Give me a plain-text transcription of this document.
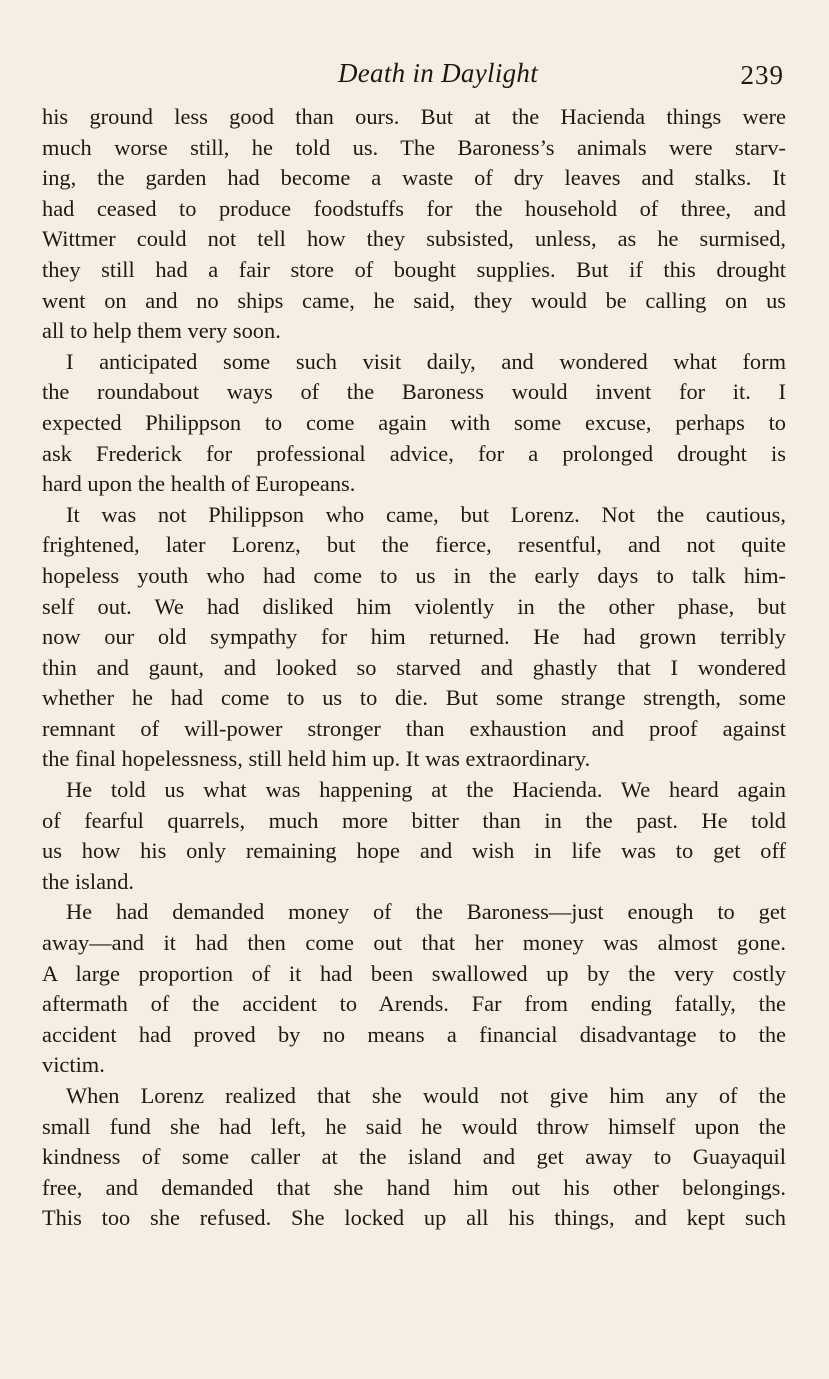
Death in Daylight	239
his ground less good than ours. But at the Hacienda things were
much worse still, he told us. The Baroness’s animals were starv-
ing, the garden had become a waste of dry leaves and stalks. It
had ceased to produce foodstuffs for the household of three, and
Wittmer could not tell how they subsisted, unless, as he surmised,
they still had a fair store of bought supplies. But if this drought
went on and no ships came, he said, they would be calling on us
all to help them very soon.
I anticipated some such visit daily, and wondered what form
the roundabout ways of the Baroness would invent for it. I
expected Philippson to come again with some excuse, perhaps to
ask Frederick for professional advice, for a prolonged drought is
hard upon the health of Europeans.
It was not Philippson who came, but Lorenz. Not the cautious,
frightened, later Lorenz, but the fierce, resentful, and not quite
hopeless youth who had come to us in the early days to talk him-
self out. We had disliked him violently in the other phase, but
now our old sympathy for him returned. He had grown terribly
thin and gaunt, and looked so starved and ghastly that I wondered
whether he had come to us to die. But some strange strength, some
remnant of will-power stronger than exhaustion and proof against
the final hopelessness, still held him up. It was extraordinary.
He told us what was happening at the Hacienda. We heard again
of fearful quarrels, much more bitter than in the past. He told
us how his only remaining hope and wish in life was to get off
the island.
He had demanded money of the Baroness—just enough to get
away—and it had then come out that her money was almost gone.
A large proportion of it had been swallowed up by the very costly
aftermath of the accident to Arends. Far from ending fatally, the
accident had proved by no means a financial disadvantage to the
victim.
When Lorenz realized that she would not give him any of the
small fund she had left, he said he would throw himself upon the
kindness of some caller at the island and get away to Guayaquil
free, and demanded that she hand him out his other belongings.
This too she refused. She locked up all his things, and kept such
